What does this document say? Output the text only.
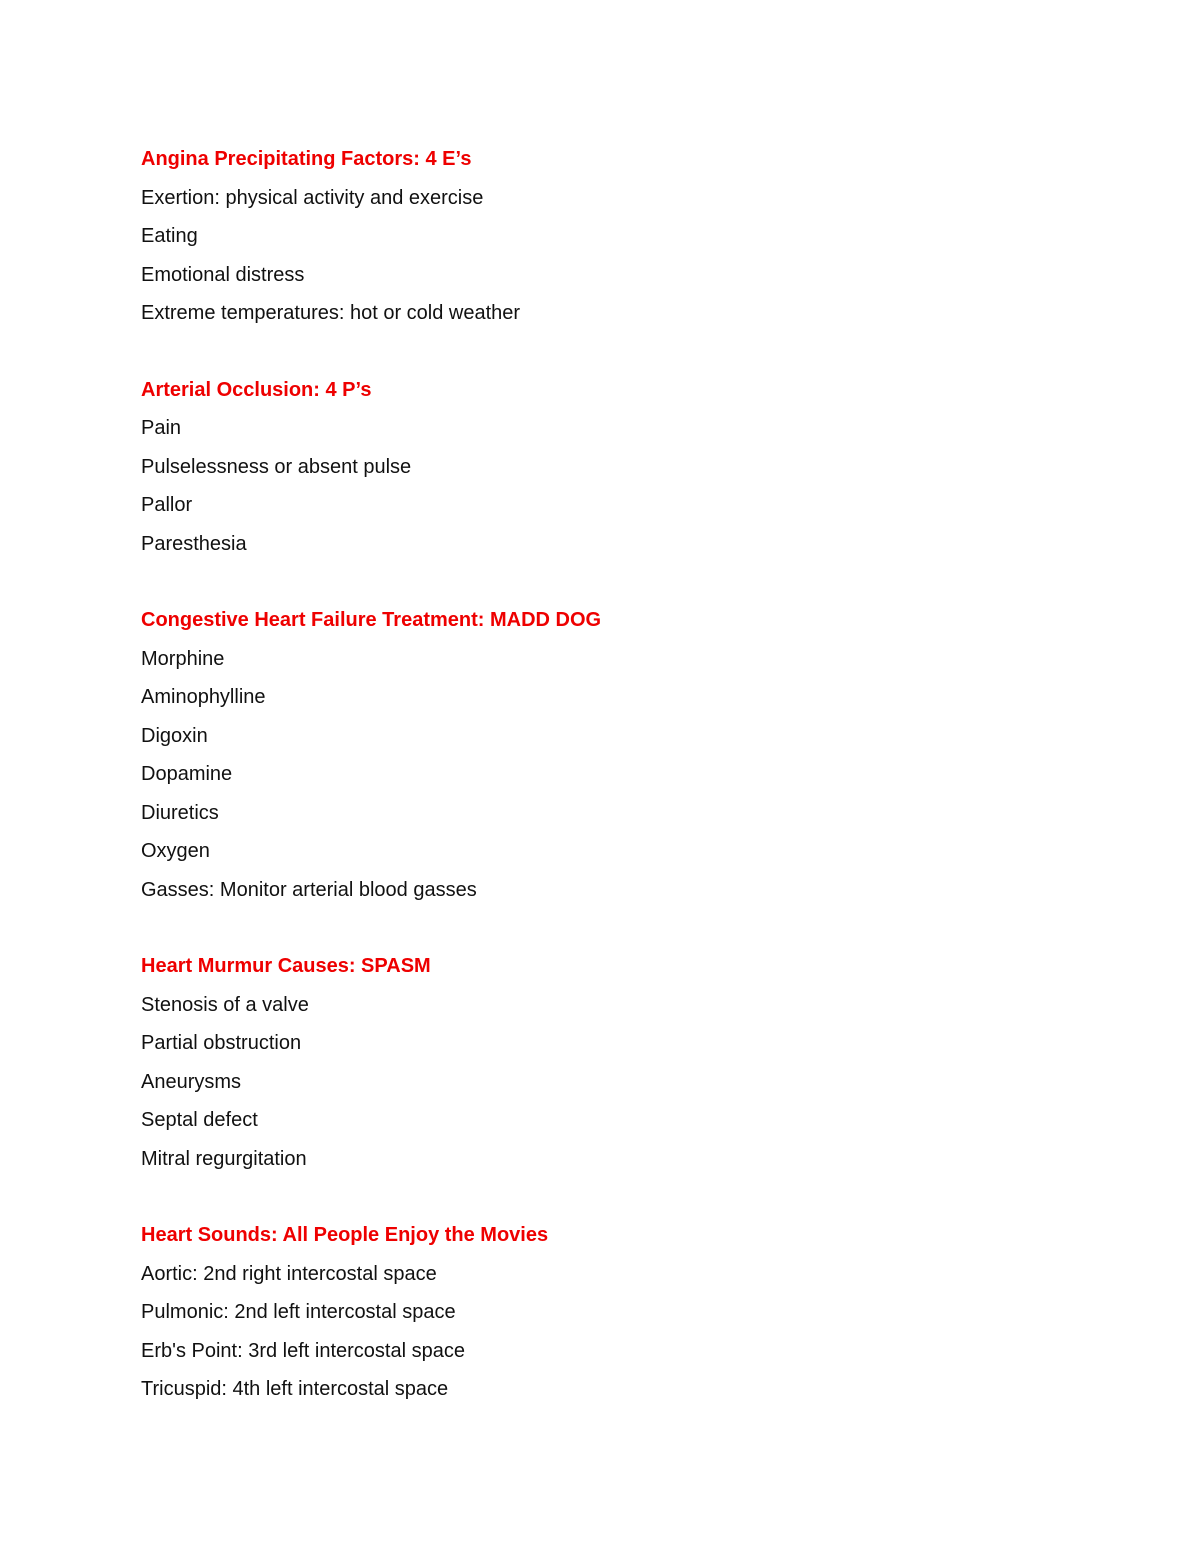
Angina Precipitating Factors: 4 E’s

Exertion: physical activity and exercise

Eating

Emotional distress

Extreme temperatures: hot or cold weather

Arterial Occlusion: 4 P’s

Pain

Pulselessness or absent pulse

Pallor

Paresthesia

Congestive Heart Failure Treatment: MADD DOG

Morphine

Aminophylline

Digoxin

Dopamine

Diuretics

Oxygen

Gasses: Monitor arterial blood gasses

Heart Murmur Causes: SPASM

Stenosis of a valve

Partial obstruction

Aneurysms

Septal defect

Mitral regurgitation

Heart Sounds: All People Enjoy the Movies

Aortic: 2nd right intercostal space

Pulmonic: 2nd left intercostal space

Erb's Point: 3rd left intercostal space

Tricuspid: 4th left intercostal space
